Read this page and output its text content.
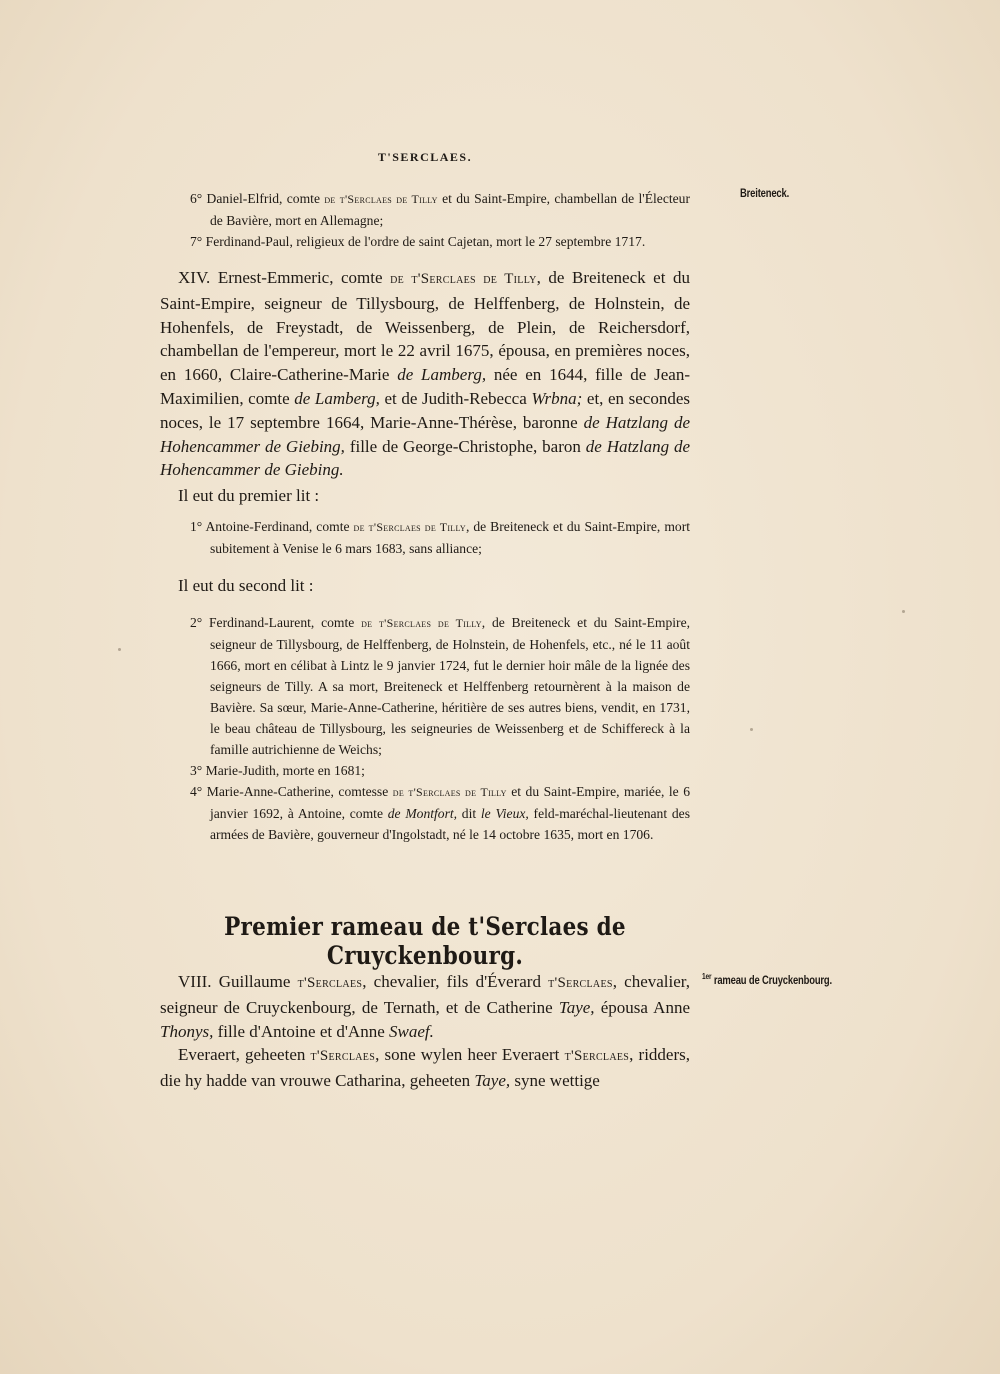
T'SERCLAES.
Breiteneck.

6° Daniel-Elfrid, comte de t'Serclaes de Tilly et du Saint-Empire, chambellan de l'Électeur de Bavière, mort en Allemagne;

7° Ferdinand-Paul, religieux de l'ordre de saint Cajetan, mort le 27 septembre 1717.

XIV. Ernest-Emmeric, comte de t'Serclaes de Tilly, de Breiteneck et du Saint-Empire, seigneur de Tillysbourg, de Helffenberg, de Holnstein, de Hohenfels, de Freystadt, de Weissenberg, de Plein, de Reichersdorf, chambellan de l'empereur, mort le 22 avril 1675, épousa, en premières noces, en 1660, Claire-Catherine-Marie de Lamberg, née en 1644, fille de Jean-Maximilien, comte de Lamberg, et de Judith-Rebecca Wrbna; et, en secondes noces, le 17 septembre 1664, Marie-Anne-Thérèse, baronne de Hatzlang de Hohencammer de Giebing, fille de George-Christophe, baron de Hatzlang de Hohencammer de Giebing.

Il eut du premier lit :

1° Antoine-Ferdinand, comte de t'Serclaes de Tilly, de Breiteneck et du Saint-Empire, mort subitement à Venise le 6 mars 1683, sans alliance;

Il eut du second lit :

2° Ferdinand-Laurent, comte de t'Serclaes de Tilly, de Breiteneck et du Saint-Empire, seigneur de Tillysbourg, de Helffenberg, de Holnstein, de Hohenfels, etc., né le 11 août 1666, mort en célibat à Lintz le 9 janvier 1724, fut le dernier hoir mâle de la lignée des seigneurs de Tilly. A sa mort, Breiteneck et Helffenberg retournèrent à la maison de Bavière. Sa sœur, Marie-Anne-Catherine, héritière de ses autres biens, vendit, en 1731, le beau château de Tillysbourg, les seigneuries de Weissenberg et de Schiffereck à la famille autrichienne de Weichs;

3° Marie-Judith, morte en 1681;

4° Marie-Anne-Catherine, comtesse de t'Serclaes de Tilly et du Saint-Empire, mariée, le 6 janvier 1692, à Antoine, comte de Montfort, dit le Vieux, feld-maréchal-lieutenant des armées de Bavière, gouverneur d'Ingolstadt, né le 14 octobre 1635, mort en 1706.

Premier rameau de t'Serclaes de Cruyckenbourg.
$^{1er}$ rameau de Cruyckenbourg.

VIII. Guillaume t'Serclaes, chevalier, fils d'Éverard t'Serclaes, chevalier, seigneur de Cruyckenbourg, de Ternath, et de Catherine Taye, épousa Anne Thonys, fille d'Antoine et d'Anne Swaef.

Everaert, geheeten t'Serclaes, sone wylen heer Everaert t'Serclaes, ridders, die hy hadde van vrouwe Catharina, geheeten Taye, syne wettige
